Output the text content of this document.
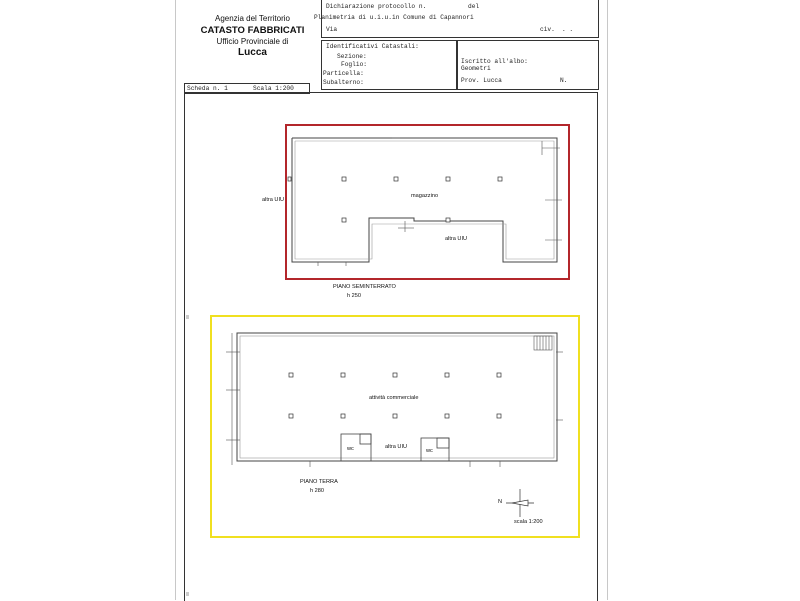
Agenzia del Territorio
CATASTO FABBRICATI
Ufficio Provinciale di
Lucca
Dichiarazione protocollo n.	del
Planimetria di u.i.u.in Comune di Capannori
Via	civ. . .
Identificativi Catastali:
Sezione:
Foglio:
Particella:
Subalterno:
Iscritto all'albo:
Geometri
Prov. Lucca	N.
Scheda n. 1	Scala 1:200
altra UIU
magazzino
altra UIU
PIANO SEMINTERRATO
h 250
attività commerciale
altra UIU
wc	wc
PIANO TERRA
h 280
N
scala 1:200
